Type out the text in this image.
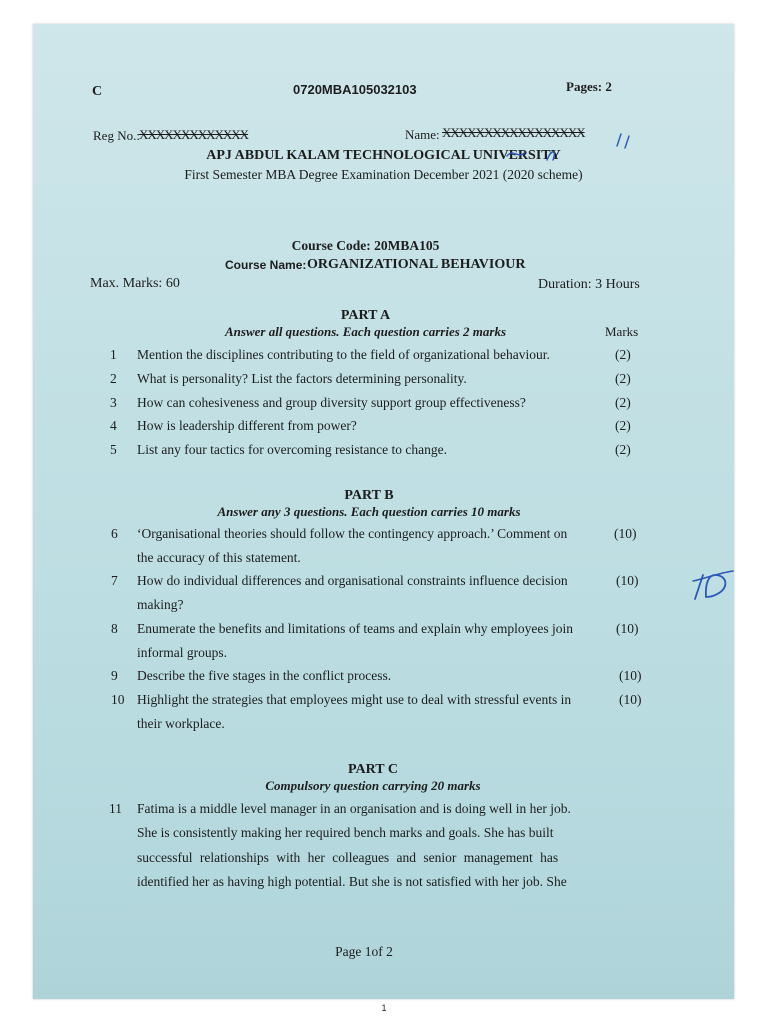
C	0720MBA105032103	Pages: 2
Reg No.: XXXXXXXXXXXXX	Name: XXXXXXXXXXXXXXXXX
APJ ABDUL KALAM TECHNOLOGICAL UNIVERSITY
First Semester MBA Degree Examination December 2021 (2020 scheme)
Course Code: 20MBA105
Course Name: ORGANIZATIONAL BEHAVIOUR
Max. Marks: 60	Duration: 3 Hours
PART A
Answer all questions. Each question carries 2 marks	Marks
1 Mention the disciplines contributing to the field of organizational behaviour.	(2)
2 What is personality? List the factors determining personality.	(2)
3 How can cohesiveness and group diversity support group effectiveness?	(2)
4 How is leadership different from power?	(2)
5 List any four tactics for overcoming resistance to change.	(2)
PART B
Answer any 3 questions. Each question carries 10 marks
6 ‘Organisational theories should follow the contingency approach.’ Comment on
the accuracy of this statement.
(10)
7 How do individual differences and organisational constraints influence decision
making?
(10)
8 Enumerate the benefits and limitations of teams and explain why employees join
informal groups.
(10)
9 Describe the five stages in the conflict process.	(10)
10 Highlight the strategies that employees might use to deal with stressful events in
their workplace.
(10)
PART C
Compulsory question carrying 20 marks
11 Fatima is a middle level manager in an organisation and is doing well in her job.
She is consistently making her required bench marks and goals. She has built
successful relationships with her colleagues and senior management has
identified her as having high potential. But she is not satisfied with her job. She
Page 1of 2
1
